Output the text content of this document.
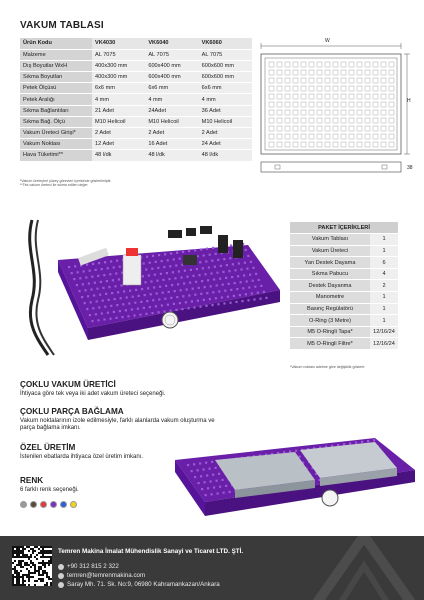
VAKUM TABLASI
Ürün Kodu	VK4030	VK6040	VK6060
Malzeme	AL 7075	AL 7075	AL 7075
Dış Boyutlar WxH	400x300 mm	600x400 mm	600x600 mm
Sıkma Boyutları	400x300 mm	600x400 mm	600x600 mm
Petek Ölçüsü	6x6 mm	6x6 mm	6x6 mm
Petek Aralığı	4 mm	4 mm	4 mm
Sıkma Bağlantıları	21 Adet	24Adet	36 Adet
Sıkma Bağ. Ölçü	M10 Helicoil	M10 Helicoil	M10 Helicoil
Vakum Üreteci Girişi*	2 Adet	2 Adet	2 Adet
Vakum Noktası	12 Adet	16 Adet	24 Adet
Hava Tüketimi**	48 l/dk	48 l/dk	48 l/dk
*Vakum üreteçleri yüzey görevleri içerisinde gösterilmiştir.
**Tek vakum üreteci ile sıkma edilen değer
W
H
38
PAKET İÇERİKLERİ	
Vakum Tablası	1
Vakum Üreteci	1
Yan Destek Dayama	6
Sıkma Pabucu	4
Destek Dayanma	2
Manometre	1
Basınç Regülatörü	1
O-Ring (3 Metre)	1
M5 O-Ringli Tapa*	12/16/24
M5 O-Ringli Filtre*	12/16/24
*Vakum noktası adetine göre değişiklik gösterir.
ÇOKLU VAKUM ÜRETİCİ

İhtiyaca göre tek veya iki adet vakum üreteci seçeneği.

ÇOKLU PARÇA BAĞLAMA

Vakum noktalarının izole edilmesiyle, farklı alanlarda vakum oluşturma ve parça bağlama imkanı.

ÖZEL ÜRETİM

İstenilen ebatlarda ihtiyaca özel üretim imkanı.

RENK

6 farklı renk seçeneği.

Temren Makina İmalat Mühendislik Sanayi ve Ticaret LTD. ŞTİ.
+90 312 815 2 322
temren@temrenmakina.com
Saray Mh. 71. Sk. No:9, 06980 Kahramankazan/Ankara
